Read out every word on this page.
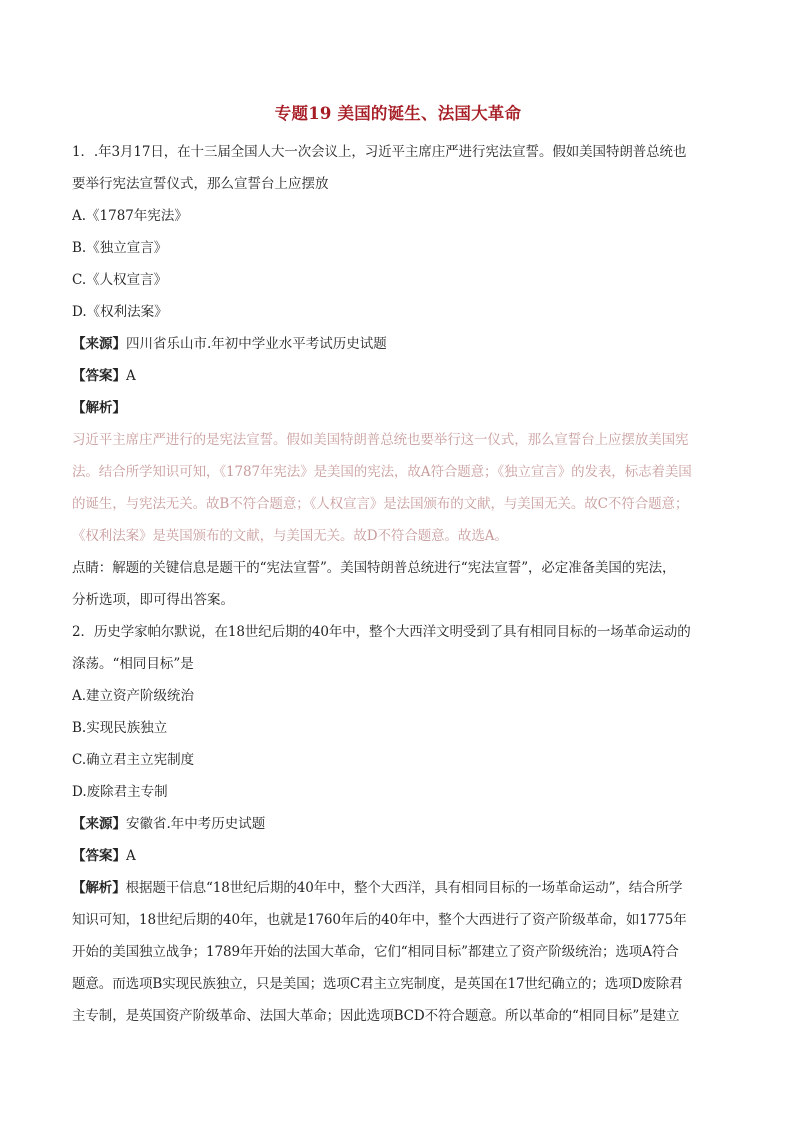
专题19 美国的诞生、法国大革命
1．.年3月17日，在十三届全国人大一次会议上，习近平主席庄严进行宪法宣誓。假如美国特朗普总统也
要举行宪法宣誓仪式，那么宣誓台上应摆放
A.《1787年宪法》
B.《独立宣言》
C.《人权宣言》
D.《权利法案》
【来源】四川省乐山市.年初中学业水平考试历史试题
【答案】A
【解析】
习近平主席庄严进行的是宪法宣誓。假如美国特朗普总统也要举行这一仪式，那么宣誓台上应摆放美国宪
法。结合所学知识可知，《1787年宪法》是美国的宪法，故A符合题意；《独立宣言》的发表，标志着美国
的诞生，与宪法无关。故B不符合题意；《人权宣言》是法国颁布的文献，与美国无关。故C不符合题意；
《权利法案》是英国颁布的文献，与美国无关。故D不符合题意。故选A。
点睛：解题的关键信息是题干的“宪法宣誓”。美国特朗普总统进行“宪法宣誓”，必定准备美国的宪法，
分析选项，即可得出答案。
2．历史学家帕尔默说，在18世纪后期的40年中，整个大西洋文明受到了具有相同目标的一场革命运动的
涤荡。“相同目标”是
A.建立资产阶级统治
B.实现民族独立
C.确立君主立宪制度
D.废除君主专制
【来源】安徽省.年中考历史试题
【答案】A
【解析】根据题干信息“18世纪后期的40年中，整个大西洋，具有相同目标的一场革命运动”，结合所学
知识可知，18世纪后期的40年，也就是1760年后的40年中，整个大西进行了资产阶级革命，如1775年
开始的美国独立战争；1789年开始的法国大革命，它们“相同目标”都建立了资产阶级统治；选项A符合
题意。而选项B实现民族独立，只是美国；选项C君主立宪制度，是英国在17世纪确立的；选项D废除君
主专制，是英国资产阶级革命、法国大革命；因此选项BCD不符合题意。所以革命的“相同目标”是建立
